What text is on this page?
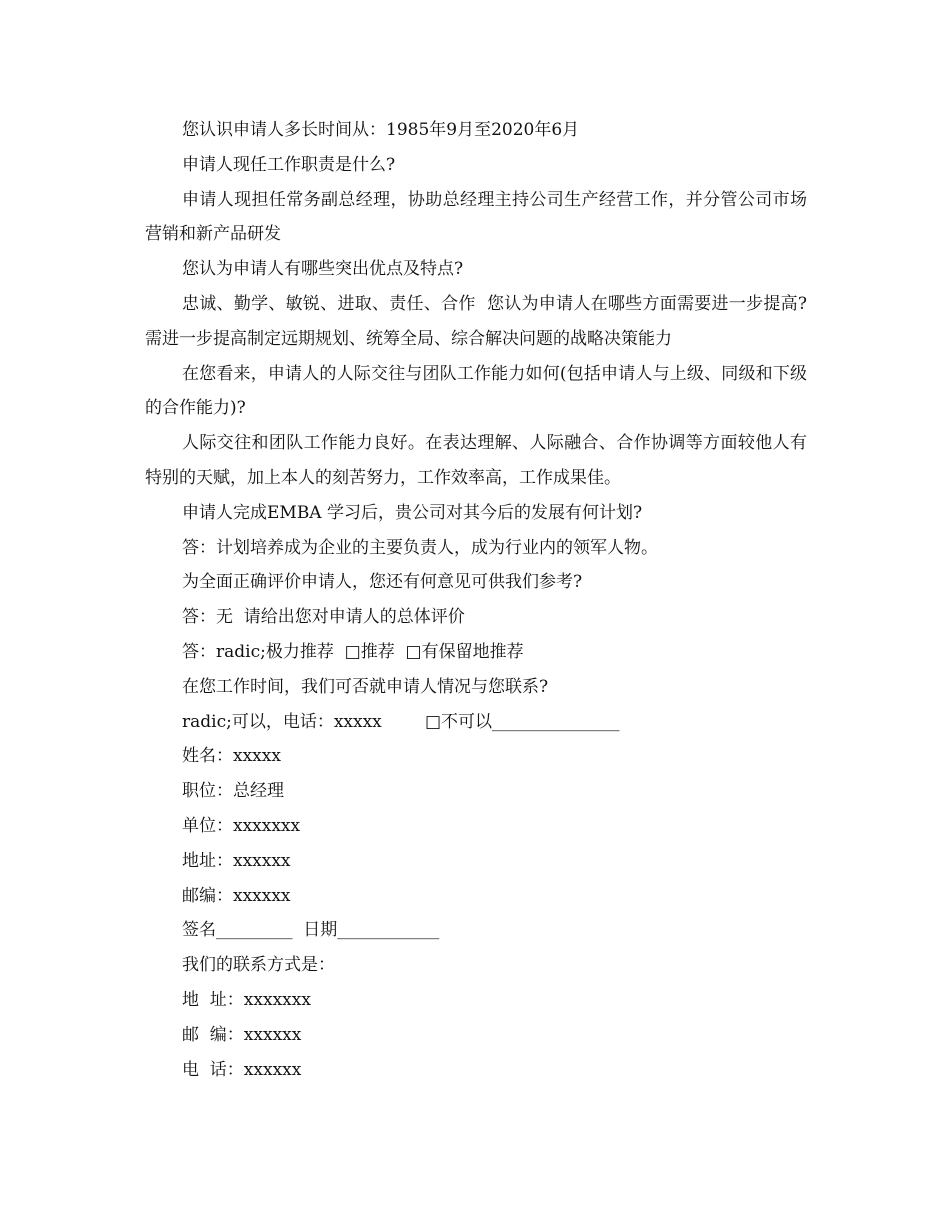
您认识申请人多长时间从：1985年9月至2020年6月

申请人现任工作职责是什么?

申请人现担任常务副总经理，协助总经理主持公司生产经营工作，并分管公司市场营销和新产品研发

您认为申请人有哪些突出优点及特点?

忠诚、勤学、敏锐、进取、责任、合作  您认为申请人在哪些方面需要进一步提高? 需进一步提高制定远期规划、统筹全局、综合解决问题的战略决策能力

在您看来，申请人的人际交往与团队工作能力如何(包括申请人与上级、同级和下级的合作能力)?

人际交往和团队工作能力良好。在表达理解、人际融合、合作协调等方面较他人有特别的天赋，加上本人的刻苦努力，工作效率高，工作成果佳。

申请人完成EMBA 学习后，贵公司对其今后的发展有何计划?

答：计划培养成为企业的主要负责人，成为行业内的领军人物。

为全面正确评价申请人，您还有何意见可供我们参考?

答：无  请给出您对申请人的总体评价

答：radic;极力推荐  □推荐  □有保留地推荐

在您工作时间，我们可否就申请人情况与您联系?

radic;可以，电话：xxxxx        □不可以_______________

姓名：xxxxx

职位：总经理

单位：xxxxxxx

地址：xxxxxx

邮编：xxxxxx

签名_________  日期____________

我们的联系方式是：

地  址：xxxxxxx

邮  编：xxxxxx

电  话：xxxxxx
